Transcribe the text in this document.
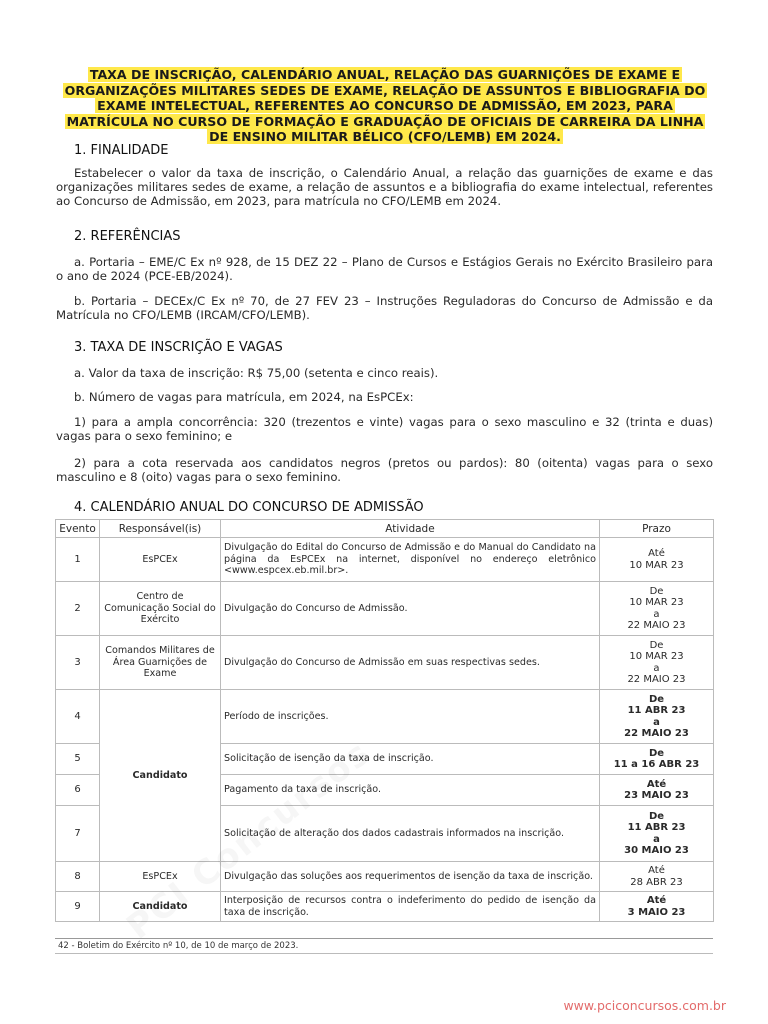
TAXA DE INSCRIÇÃO, CALENDÁRIO ANUAL, RELAÇÃO DAS GUARNIÇÕES DE EXAME E ORGANIZAÇÕES MILITARES SEDES DE EXAME, RELAÇÃO DE ASSUNTOS E BIBLIOGRAFIA DO EXAME INTELECTUAL, REFERENTES AO CONCURSO DE ADMISSÃO, EM 2023, PARA MATRÍCULA NO CURSO DE FORMAÇÃO E GRADUAÇÃO DE OFICIAIS DE CARREIRA DA LINHA DE ENSINO MILITAR BÉLICO (CFO/LEMB) EM 2024.
1. FINALIDADE
Estabelecer o valor da taxa de inscrição, o Calendário Anual, a relação das guarnições de exame e das organizações militares sedes de exame, a relação de assuntos e a bibliografia do exame intelectual, referentes ao Concurso de Admissão, em 2023, para matrícula no CFO/LEMB em 2024.
2. REFERÊNCIAS
a. Portaria – EME/C Ex nº 928, de 15 DEZ 22 – Plano de Cursos e Estágios Gerais no Exército Brasileiro para o ano de 2024 (PCE-EB/2024).
b. Portaria – DECEx/C Ex nº 70, de 27 FEV 23 – Instruções Reguladoras do Concurso de Admissão e da Matrícula no CFO/LEMB (IRCAM/CFO/LEMB).
3. TAXA DE INSCRIÇÃO E VAGAS
a. Valor da taxa de inscrição: R$ 75,00 (setenta e cinco reais).
b. Número de vagas para matrícula, em 2024, na EsPCEx:
1) para a ampla concorrência: 320 (trezentos e vinte) vagas para o sexo masculino e 32 (trinta e duas) vagas para o sexo feminino; e
2) para a cota reservada aos candidatos negros (pretos ou pardos): 80 (oitenta) vagas para o sexo masculino e 8 (oito) vagas para o sexo feminino.
4. CALENDÁRIO ANUAL DO CONCURSO DE ADMISSÃO
Evento	Responsável(is)	Atividade	Prazo
1	EsPCEx	Divulgação do Edital do Concurso de Admissão e do Manual do Candidato na página da EsPCEx na internet, disponível no endereço eletrônico <www.espcex.eb.mil.br>.	Até
10 MAR 23

2	Centro de Comunicação Social do Exército	Divulgação do Concurso de Admissão.	De
10 MAR 23
a
22 MAIO 23

3	Comandos Militares de Área Guarnições de Exame	Divulgação do Concurso de Admissão em suas respectivas sedes.	De
10 MAR 23
a
22 MAIO 23

4	Candidato	Período de inscrições.	De
11 ABR 23
a
22 MAIO 23

5		Solicitação de isenção da taxa de inscrição.	De
11 a 16 ABR 23

6		Pagamento da taxa de inscrição.	Até
23 MAIO 23

7		Solicitação de alteração dos dados cadastrais informados na inscrição.	De
11 ABR 23
a
30 MAIO 23

8	EsPCEx	Divulgação das soluções aos requerimentos de isenção da taxa de inscrição.	Até
28 ABR 23

9	Candidato	Interposição de recursos contra o indeferimento do pedido de isenção da taxa de inscrição.	Até
3 MAIO 23
42 - Boletim do Exército nº 10, de 10 de março de 2023.
www.pciconcursos.com.br
